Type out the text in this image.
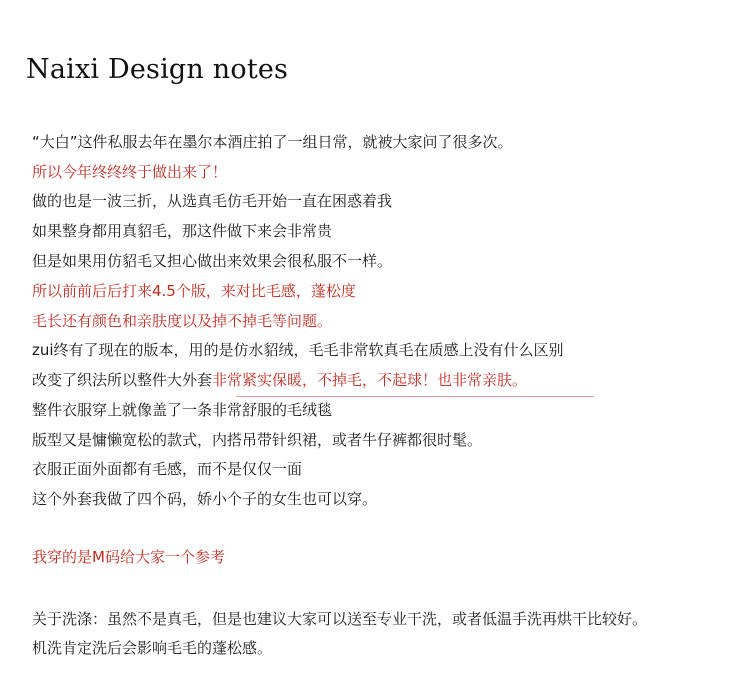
Naixi Design notes
“大白”这件私服去年在墨尔本酒庄拍了一组日常，就被大家问了很多次。
所以今年终终终于做出来了！
做的也是一波三折，从选真毛仿毛开始一直在困惑着我
如果整身都用真貂毛，那这件做下来会非常贵
但是如果用仿貂毛又担心做出来效果会很私服不一样。
所以前前后后打来4.5个版，来对比毛感，蓬松度
毛长还有颜色和亲肤度以及掉不掉毛等问题。
zui终有了现在的版本，用的是仿水貂绒，毛毛非常软真毛在质感上没有什么区别
改变了织法所以整件大外套非常紧实保暖，不掉毛，不起球！也非常亲肤。
整件衣服穿上就像盖了一条非常舒服的毛绒毯
版型又是慵懒宽松的款式，内搭吊带针织裙，或者牛仔裤都很时髦。
衣服正面外面都有毛感，而不是仅仅一面
这个外套我做了四个码，娇小个子的女生也可以穿。
我穿的是M码给大家一个参考
关于洗涤：虽然不是真毛，但是也建议大家可以送至专业干洗，或者低温手洗再烘干比较好。
机洗肯定洗后会影响毛毛的蓬松感。
